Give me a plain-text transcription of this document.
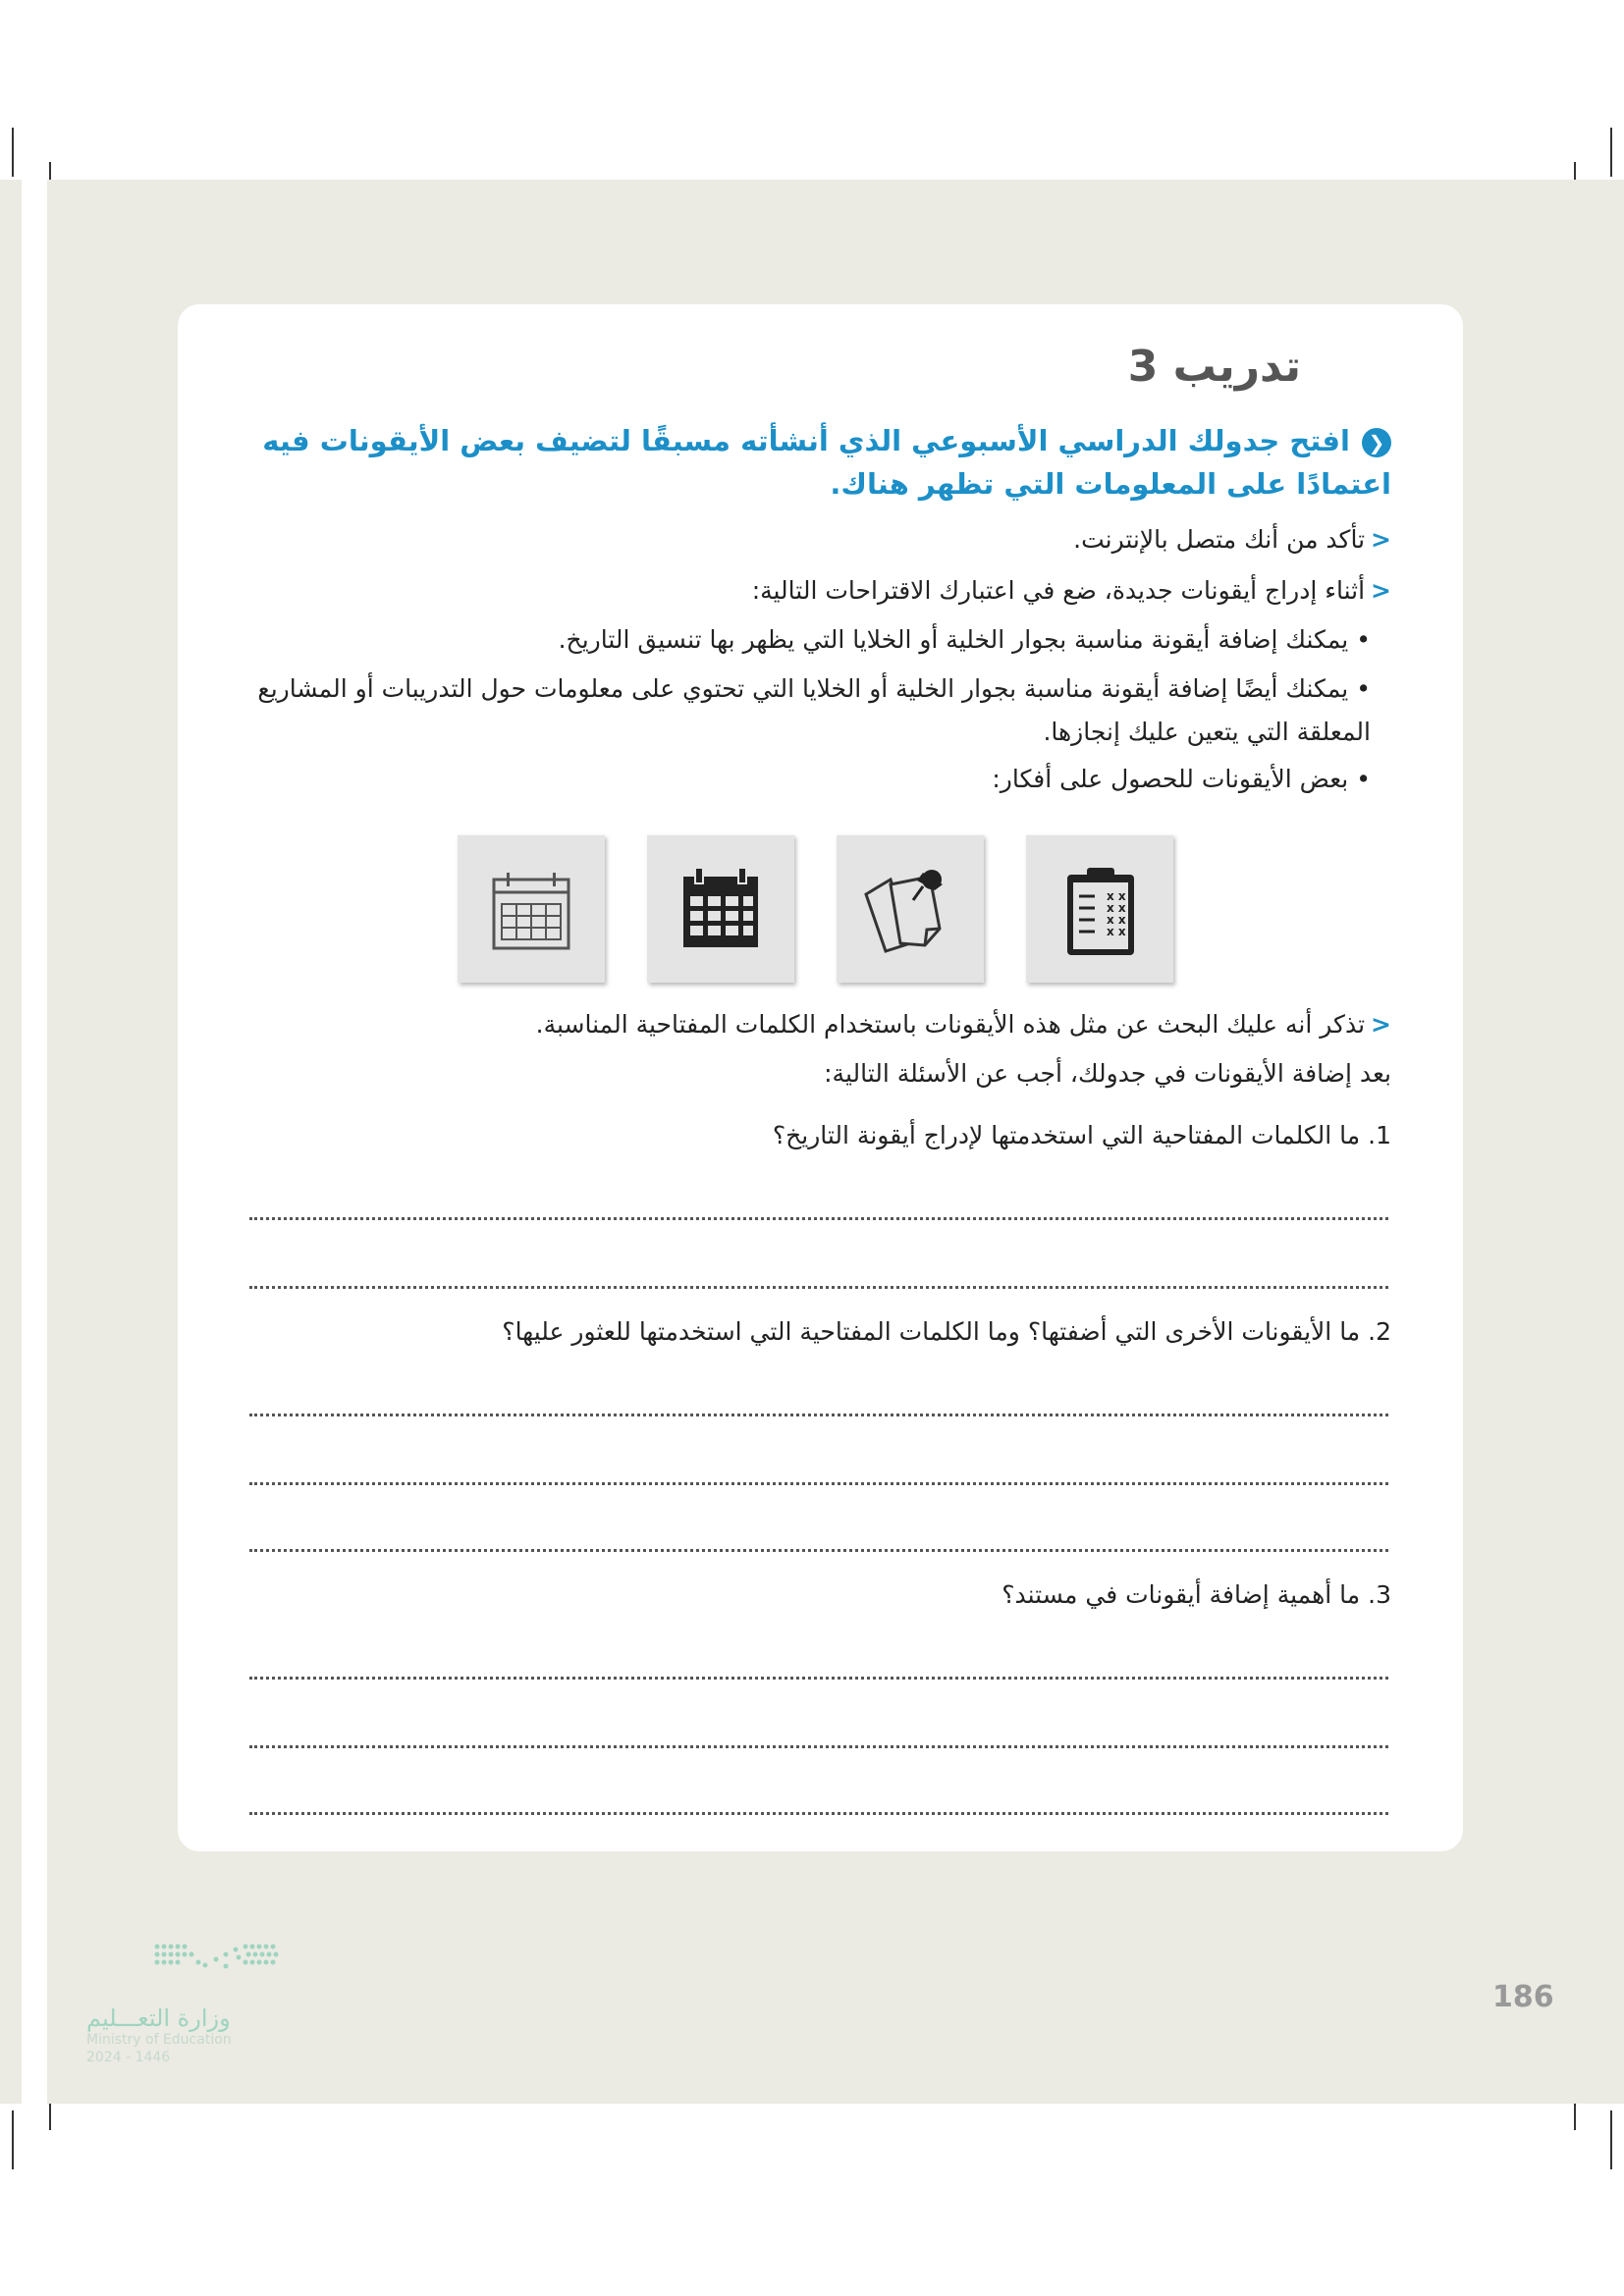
تدريب 3
❮افتح جدولك الدراسي الأسبوعي الذي أنشأته مسبقًا لتضيف بعض الأيقونات فيه اعتمادًا على المعلومات التي تظهر هناك.
<تأكد من أنك متصل بالإنترنت.
<أثناء إدراج أيقونات جديدة، ضع في اعتبارك الاقتراحات التالية:
•يمكنك إضافة أيقونة مناسبة بجوار الخلية أو الخلايا التي يظهر بها تنسيق التاريخ.
•يمكنك أيضًا إضافة أيقونة مناسبة بجوار الخلية أو الخلايا التي تحتوي على معلومات حول التدريبات أو المشاريع المعلقة التي يتعين عليك إنجازها.
•بعض الأيقونات للحصول على أفكار:
x x
x x
x x
x x
<تذكر أنه عليك البحث عن مثل هذه الأيقونات باستخدام الكلمات المفتاحية المناسبة.
بعد إضافة الأيقونات في جدولك، أجب عن الأسئلة التالية:
1. ما الكلمات المفتاحية التي استخدمتها لإدراج أيقونة التاريخ؟
2. ما الأيقونات الأخرى التي أضفتها؟ وما الكلمات المفتاحية التي استخدمتها للعثور عليها؟
3. ما أهمية إضافة أيقونات في مستند؟
وزارة التعـــليم
Ministry of Education
2024 - 1446
186
